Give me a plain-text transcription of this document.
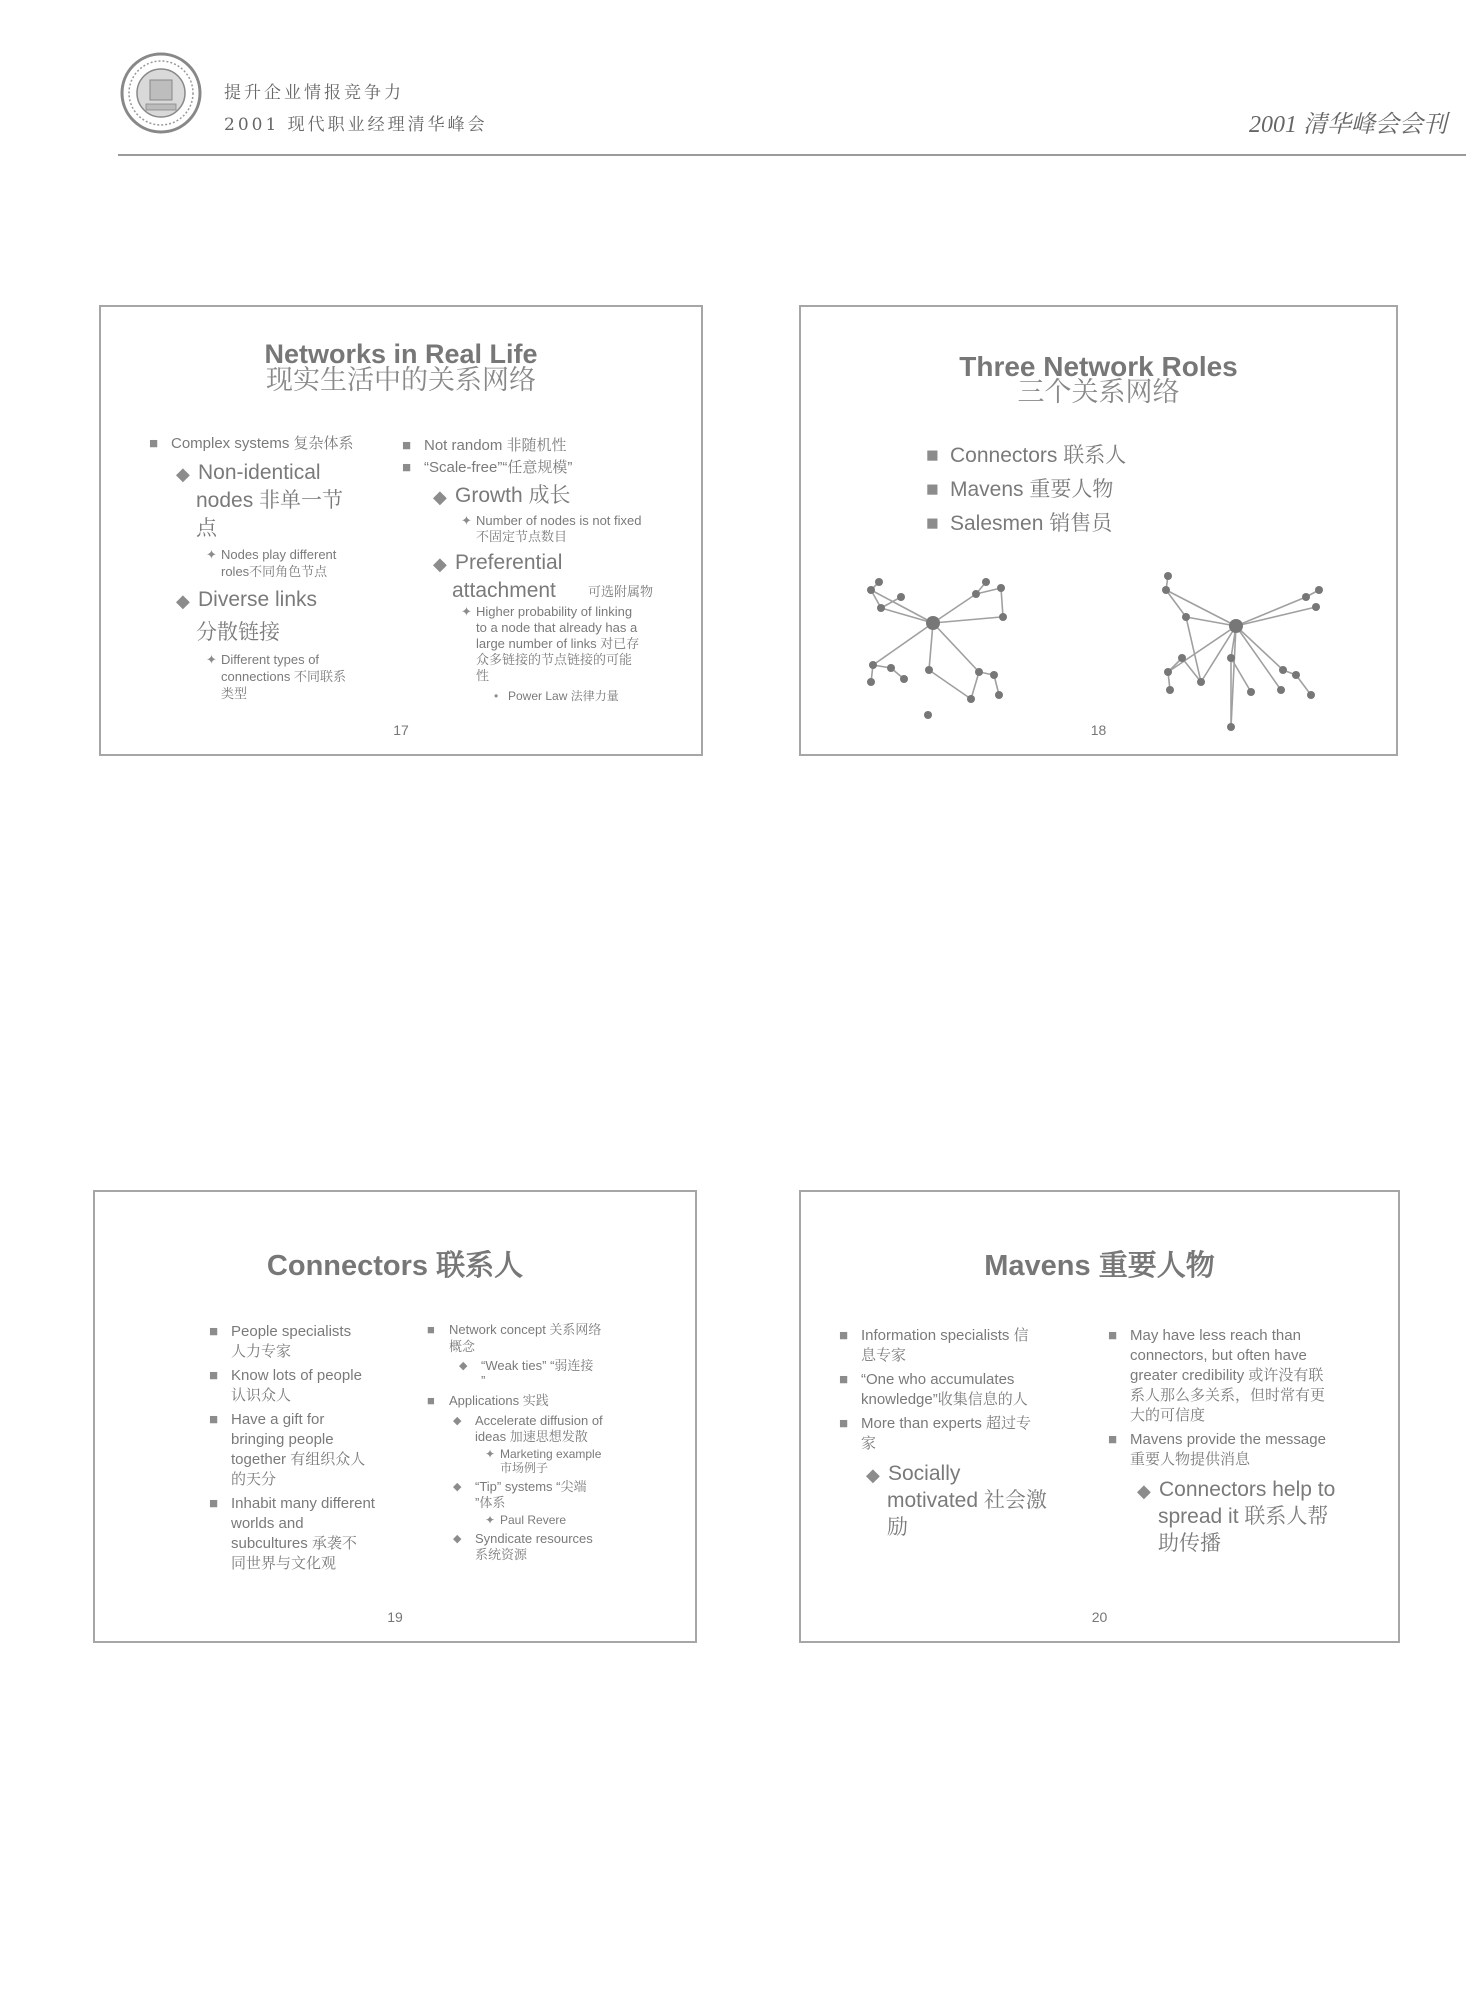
提升企业情报竞争力
2001 现代职业经理清华峰会	2001 清华峰会会刊
Networks in Real Life
现实生活中的关系网络
■ Complex systems 复杂体系
◆ Non-identical
nodes 非单一节
点
✦ Nodes play different
roles不同角色节点
◆ Diverse links
分散链接
✦ Different types of
connections 不同联系
类型
■ Not random 非随机性
■ “Scale-free”“任意规模”
◆ Growth 成长
✦ Number of nodes is not fixed
不固定节点数目
◆ Preferential
attachment 可选附属物
✦ Higher probability of linking
to a node that already has a
large number of links 对已存
众多链接的节点链接的可能
性
• Power Law 法律力量
17
Three Network Roles
三个关系网络
■ Connectors 联系人
■ Mavens 重要人物
■ Salesmen 销售员
18
Connectors 联系人
■ People specialists
人力专家
■ Know lots of people
认识众人
■ Have a gift for
bringing people
together 有组织众人
的天分
■ Inhabit many different
worlds and
subcultures 承袭不
同世界与文化观
■ Network concept 关系网络
概念
◆ “Weak ties” “弱连接
”
■ Applications 实践
◆ Accelerate diffusion of
ideas 加速思想发散
✦ Marketing example
市场例子
◆ “Tip” systems “尖端
”体系
✦ Paul Revere
◆ Syndicate resources
系统资源
19
Mavens 重要人物
■ Information specialists 信
息专家
■ “One who accumulates
knowledge”收集信息的人
■ More than experts 超过专
家
◆ Socially
motivated 社会激
励
■ May have less reach than
connectors, but often have
greater credibility 或许没有联
系人那么多关系，但时常有更
大的可信度
■ Mavens provide the message
重要人物提供消息
◆ Connectors help to
spread it 联系人帮
助传播
20
